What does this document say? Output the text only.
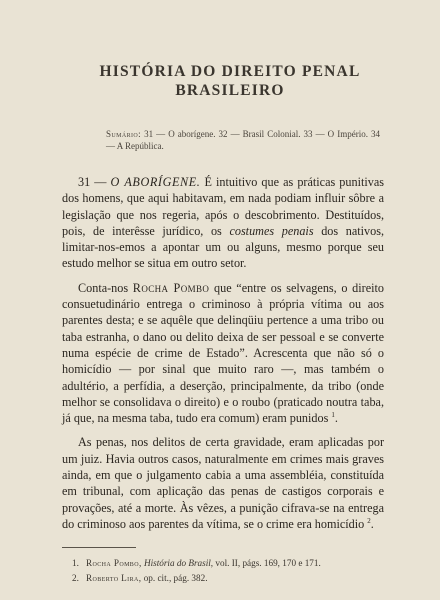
HISTÓRIA DO DIREITO PENAL
BRASILEIRO

Sumário: 31 — O aborígene. 32 — Brasil Colonial. 33 — O Império. 34 — A República.

31 — O ABORÍGENE. É intuitivo que as práticas punitivas dos homens, que aqui habitavam, em nada podiam influir sôbre a legislação que nos regeria, após o descobrimento. Destituídos, pois, de interêsse jurídico, os costumes penais dos nativos, limitar-nos-emos a apontar um ou alguns, mesmo porque seu estudo melhor se situa em outro setor.

Conta-nos Rocha Pombo que “entre os selvagens, o direito consuetudinário entrega o criminoso à própria vítima ou aos parentes desta; e se aquêle que delinqüiu pertence a uma tribo ou taba estranha, o dano ou delito deixa de ser pessoal e se converte numa espécie de crime de Estado”. Acrescenta que não só o homicídio — por sinal que muito raro —, mas também o adultério, a perfídia, a deserção, principalmente, da tribo (onde melhor se consolidava o direito) e o roubo (praticado noutra taba, já que, na mesma taba, tudo era comum) eram punidos $^1$.

As penas, nos delitos de certa gravidade, eram aplicadas por um juiz. Havia outros casos, naturalmente em crimes mais graves ainda, em que o julgamento cabia a uma assembléia, constituída em tribunal, com aplicação das penas de castigos corporais e provações, até a morte. Às vêzes, a punição cifrava-se na entrega do criminoso aos parentes da vítima, se o crime era homicídio $^2$.

1. Rocha Pombo, História do Brasil, vol. II, págs. 169, 170 e 171.
2. Roberto Lira, op. cit., pág. 382.
